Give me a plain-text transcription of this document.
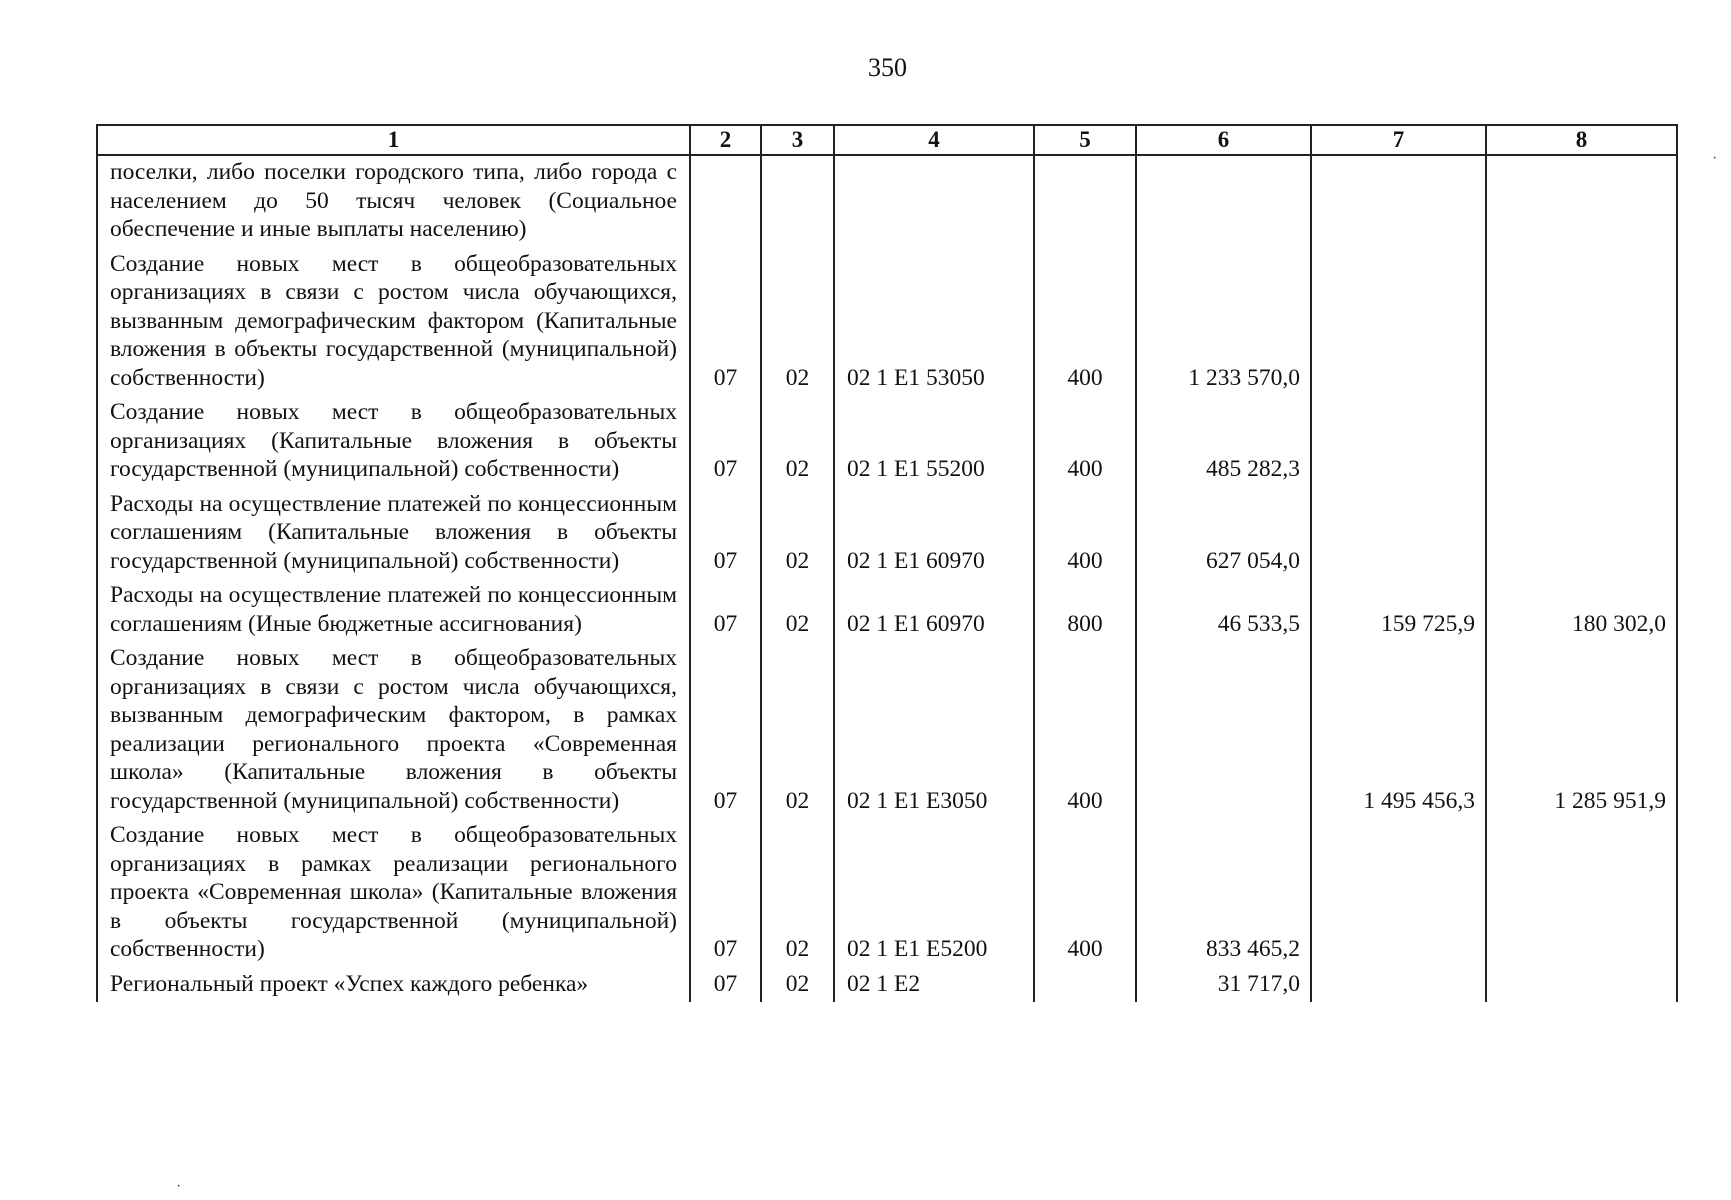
350
1	2	3	4	5	6	7	8
поселки, либо поселки городского типа, либо города с населением до 50 тысяч человек (Социальное обеспечение и иные выплаты населению)							
Создание новых мест в общеобразовательных организациях в связи с ростом числа обучающихся, вызванным демографическим фактором (Капитальные вложения в объекты государственной (муниципальной) собственности)	07	02	02 1 E1 53050	400	1 233 570,0		
Создание новых мест в общеобразовательных организациях (Капитальные вложения в объекты государственной (муниципальной) собственности)	07	02	02 1 E1 55200	400	485 282,3		
Расходы на осуществление платежей по концессионным соглашениям (Капитальные вложения в объекты государственной (муниципальной) собственности)	07	02	02 1 E1 60970	400	627 054,0		
Расходы на осуществление платежей по концессионным соглашениям (Иные бюджетные ассигнования)	07	02	02 1 E1 60970	800	46 533,5	159 725,9	180 302,0
Создание новых мест в общеобразовательных организациях в связи с ростом числа обучающихся, вызванным демографическим фактором, в рамках реализации регионального проекта «Современная школа» (Капитальные вложения в объекты государственной (муниципальной) собственности)	07	02	02 1 E1 E3050	400		1 495 456,3	1 285 951,9
Создание новых мест в общеобразовательных организациях в рамках реализации регионального проекта «Современная школа» (Капитальные вложения в объекты государственной (муниципальной) собственности)	07	02	02 1 E1 E5200	400	833 465,2		
Региональный проект «Успех каждого ребенка»	07	02	02 1 E2		31 717,0		
·
·
